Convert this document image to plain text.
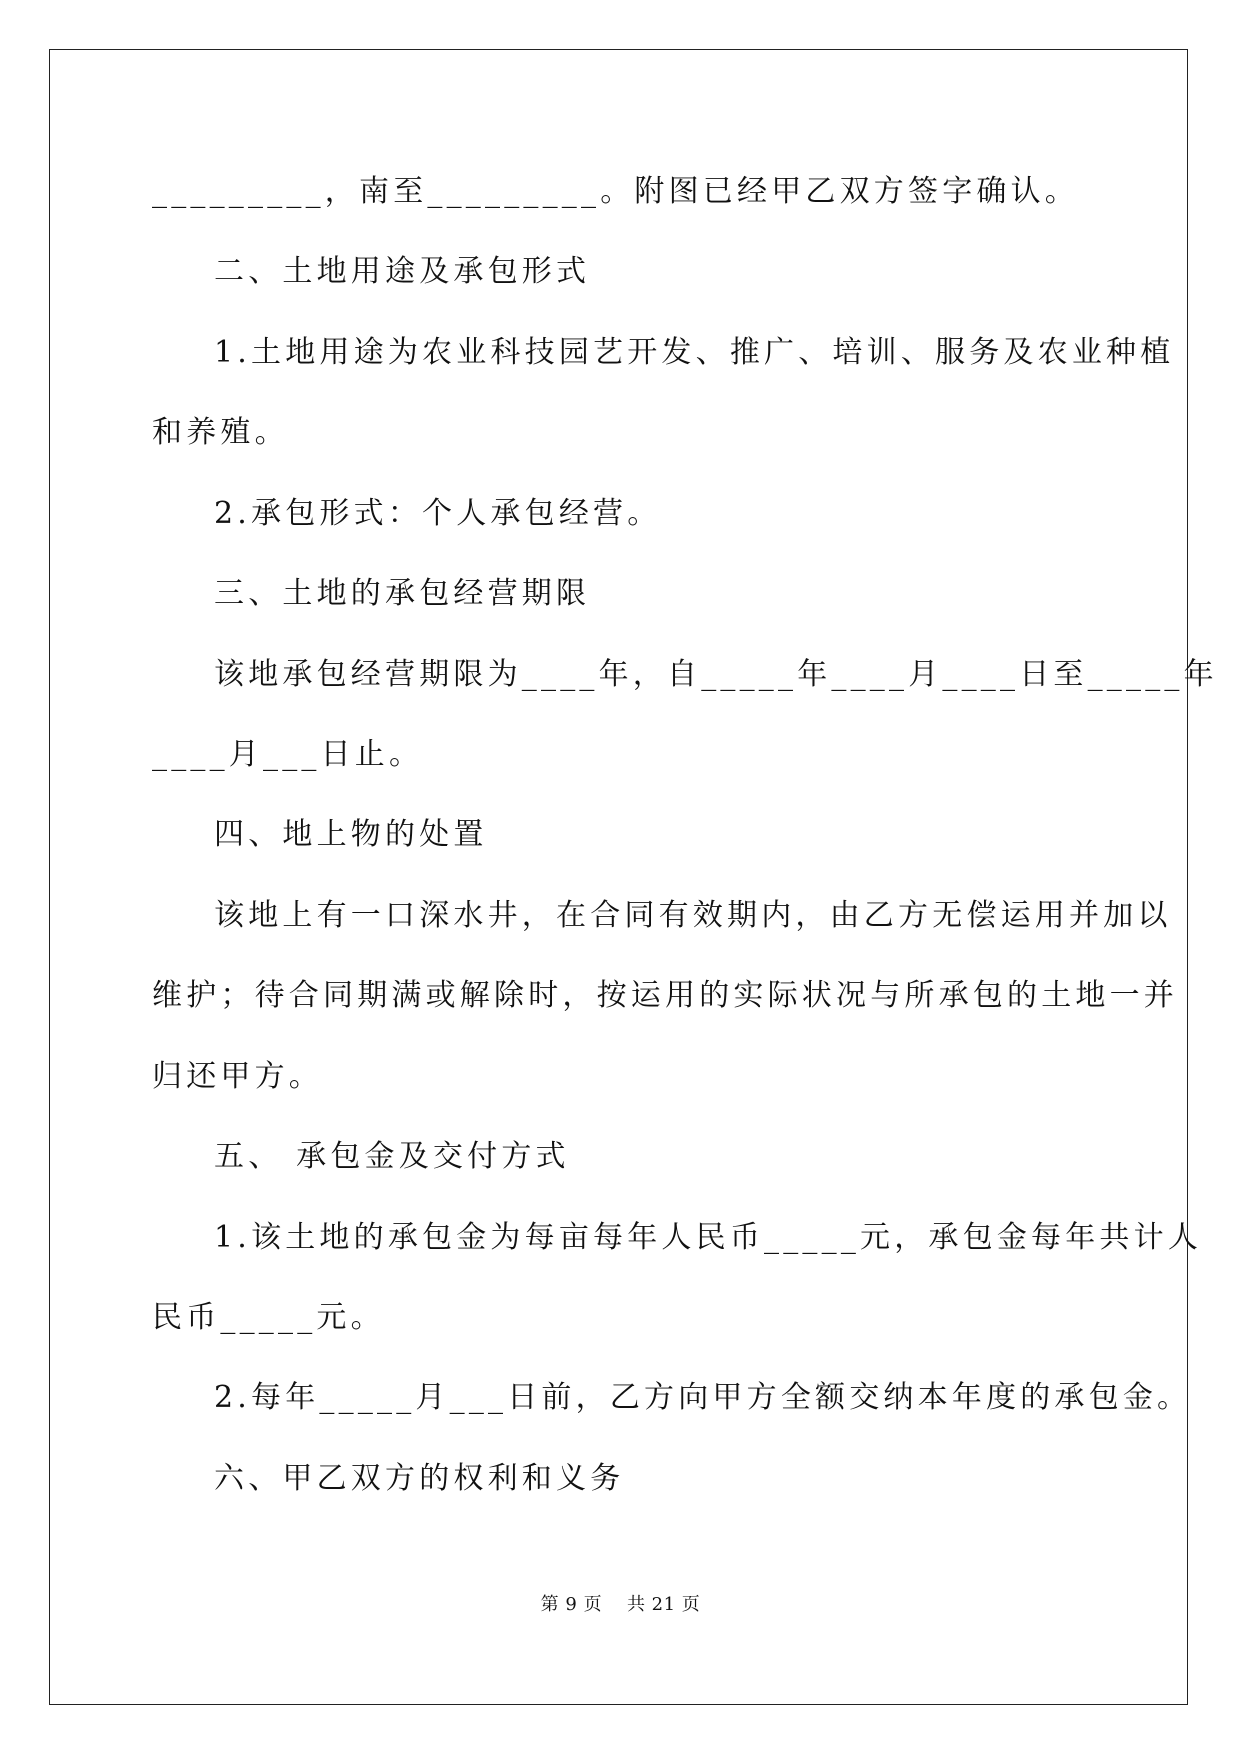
_________，南至_________。附图已经甲乙双方签字确认。
二、土地用途及承包形式
1.土地用途为农业科技园艺开发、推广、培训、服务及农业种植
和养殖。
2.承包形式：个人承包经营。
三、土地的承包经营期限
该地承包经营期限为____年，自_____年____月____日至_____年
____月___日止。
四、地上物的处置
该地上有一口深水井，在合同有效期内，由乙方无偿运用并加以
维护；待合同期满或解除时，按运用的实际状况与所承包的土地一并
归还甲方。
五、 承包金及交付方式
1.该土地的承包金为每亩每年人民币_____元，承包金每年共计人
民币_____元。
2.每年_____月___日前，乙方向甲方全额交纳本年度的承包金。
六、甲乙双方的权利和义务
第 9 页    共 21 页
